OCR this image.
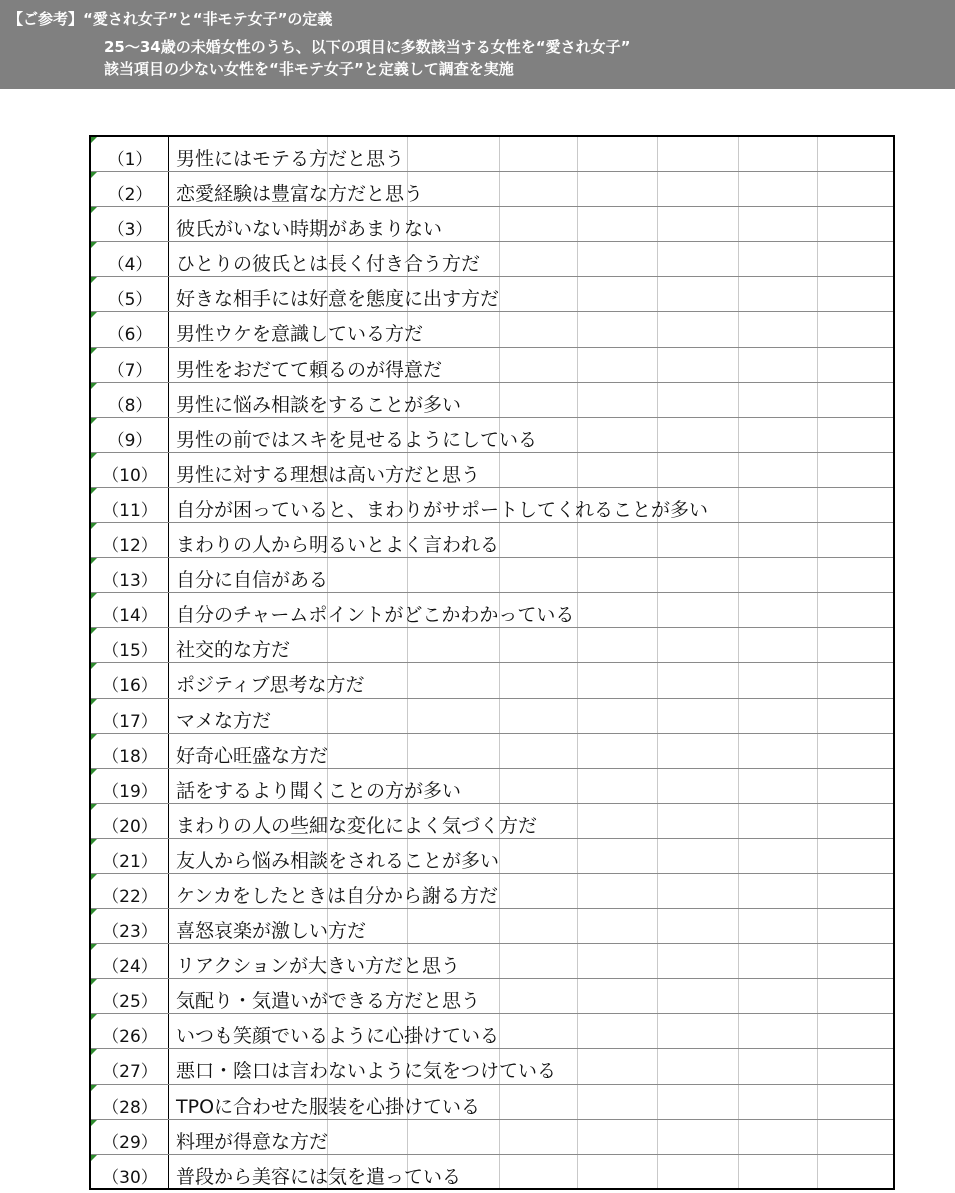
【ご参考】“愛され女子”と“非モテ女子”の定義
25～34歳の未婚女性のうち、以下の項目に多数該当する女性を“愛され女子”
該当項目の少ない女性を“非モテ女子”と定義して調査を実施
（1）	男性にはモテる方だと思う
（2）	恋愛経験は豊富な方だと思う
（3）	彼氏がいない時期があまりない
（4）	ひとりの彼氏とは長く付き合う方だ
（5）	好きな相手には好意を態度に出す方だ
（6）	男性ウケを意識している方だ
（7）	男性をおだてて頼るのが得意だ
（8）	男性に悩み相談をすることが多い
（9）	男性の前ではスキを見せるようにしている
（10） 男性に対する理想は高い方だと思う
（11） 自分が困っていると、まわりがサポートしてくれることが多い
（12） まわりの人から明るいとよく言われる
（13） 自分に自信がある
（14） 自分のチャームポイントがどこかわかっている
（15） 社交的な方だ
（16） ポジティブ思考な方だ
（17） マメな方だ
（18） 好奇心旺盛な方だ
（19） 話をするより聞くことの方が多い
（20） まわりの人の些細な変化によく気づく方だ
（21） 友人から悩み相談をされることが多い
（22） ケンカをしたときは自分から謝る方だ
（23） 喜怒哀楽が激しい方だ
（24） リアクションが大きい方だと思う
（25） 気配り・気遣いができる方だと思う
（26） いつも笑顔でいるように心掛けている
（27） 悪口・陰口は言わないように気をつけている
（28） TPOに合わせた服装を心掛けている
（29） 料理が得意な方だ
（30） 普段から美容には気を遣っている
